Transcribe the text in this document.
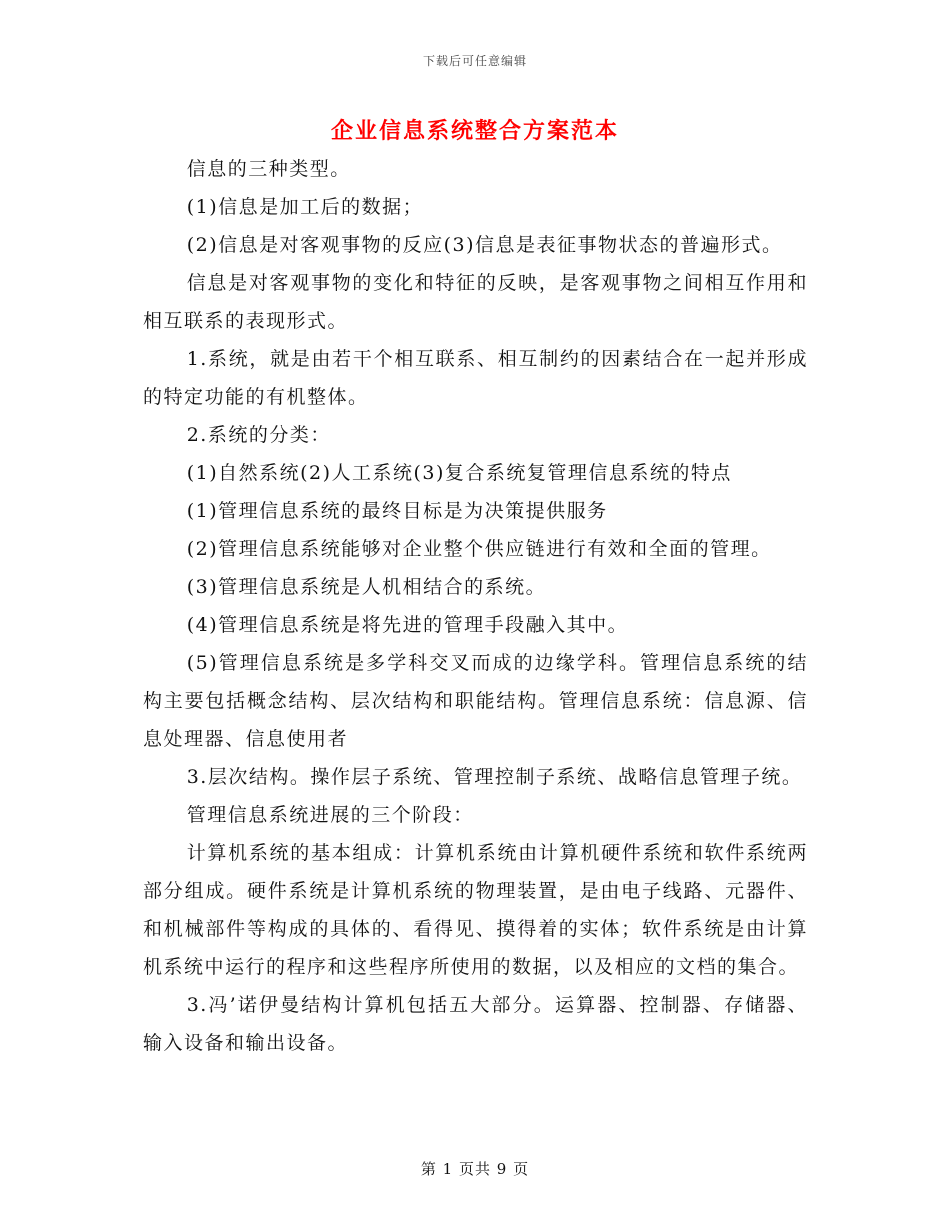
下载后可任意编辑
企业信息系统整合方案范本

信息的三种类型。

(1)信息是加工后的数据；

(2)信息是对客观事物的反应(3)信息是表征事物状态的普遍形式。

信息是对客观事物的变化和特征的反映，是客观事物之间相互作用和相互联系的表现形式。

1.系统，就是由若干个相互联系、相互制约的因素结合在一起并形成的特定功能的有机整体。

2.系统的分类：

(1)自然系统(2)人工系统(3)复合系统复管理信息系统的特点

(1)管理信息系统的最终目标是为决策提供服务

(2)管理信息系统能够对企业整个供应链进行有效和全面的管理。

(3)管理信息系统是人机相结合的系统。

(4)管理信息系统是将先进的管理手段融入其中。

(5)管理信息系统是多学科交叉而成的边缘学科。管理信息系统的结构主要包括概念结构、层次结构和职能结构。管理信息系统：信息源、信息处理器、信息使用者

3.层次结构。操作层子系统、管理控制子系统、战略信息管理子统。

管理信息系统进展的三个阶段：

计算机系统的基本组成：计算机系统由计算机硬件系统和软件系统两部分组成。硬件系统是计算机系统的物理装置，是由电子线路、元器件、和机械部件等构成的具体的、看得见、摸得着的实体；软件系统是由计算机系统中运行的程序和这些程序所使用的数据，以及相应的文档的集合。

3.冯’诺伊曼结构计算机包括五大部分。运算器、控制器、存储器、输入设备和输出设备。

第 1 页共 9 页
